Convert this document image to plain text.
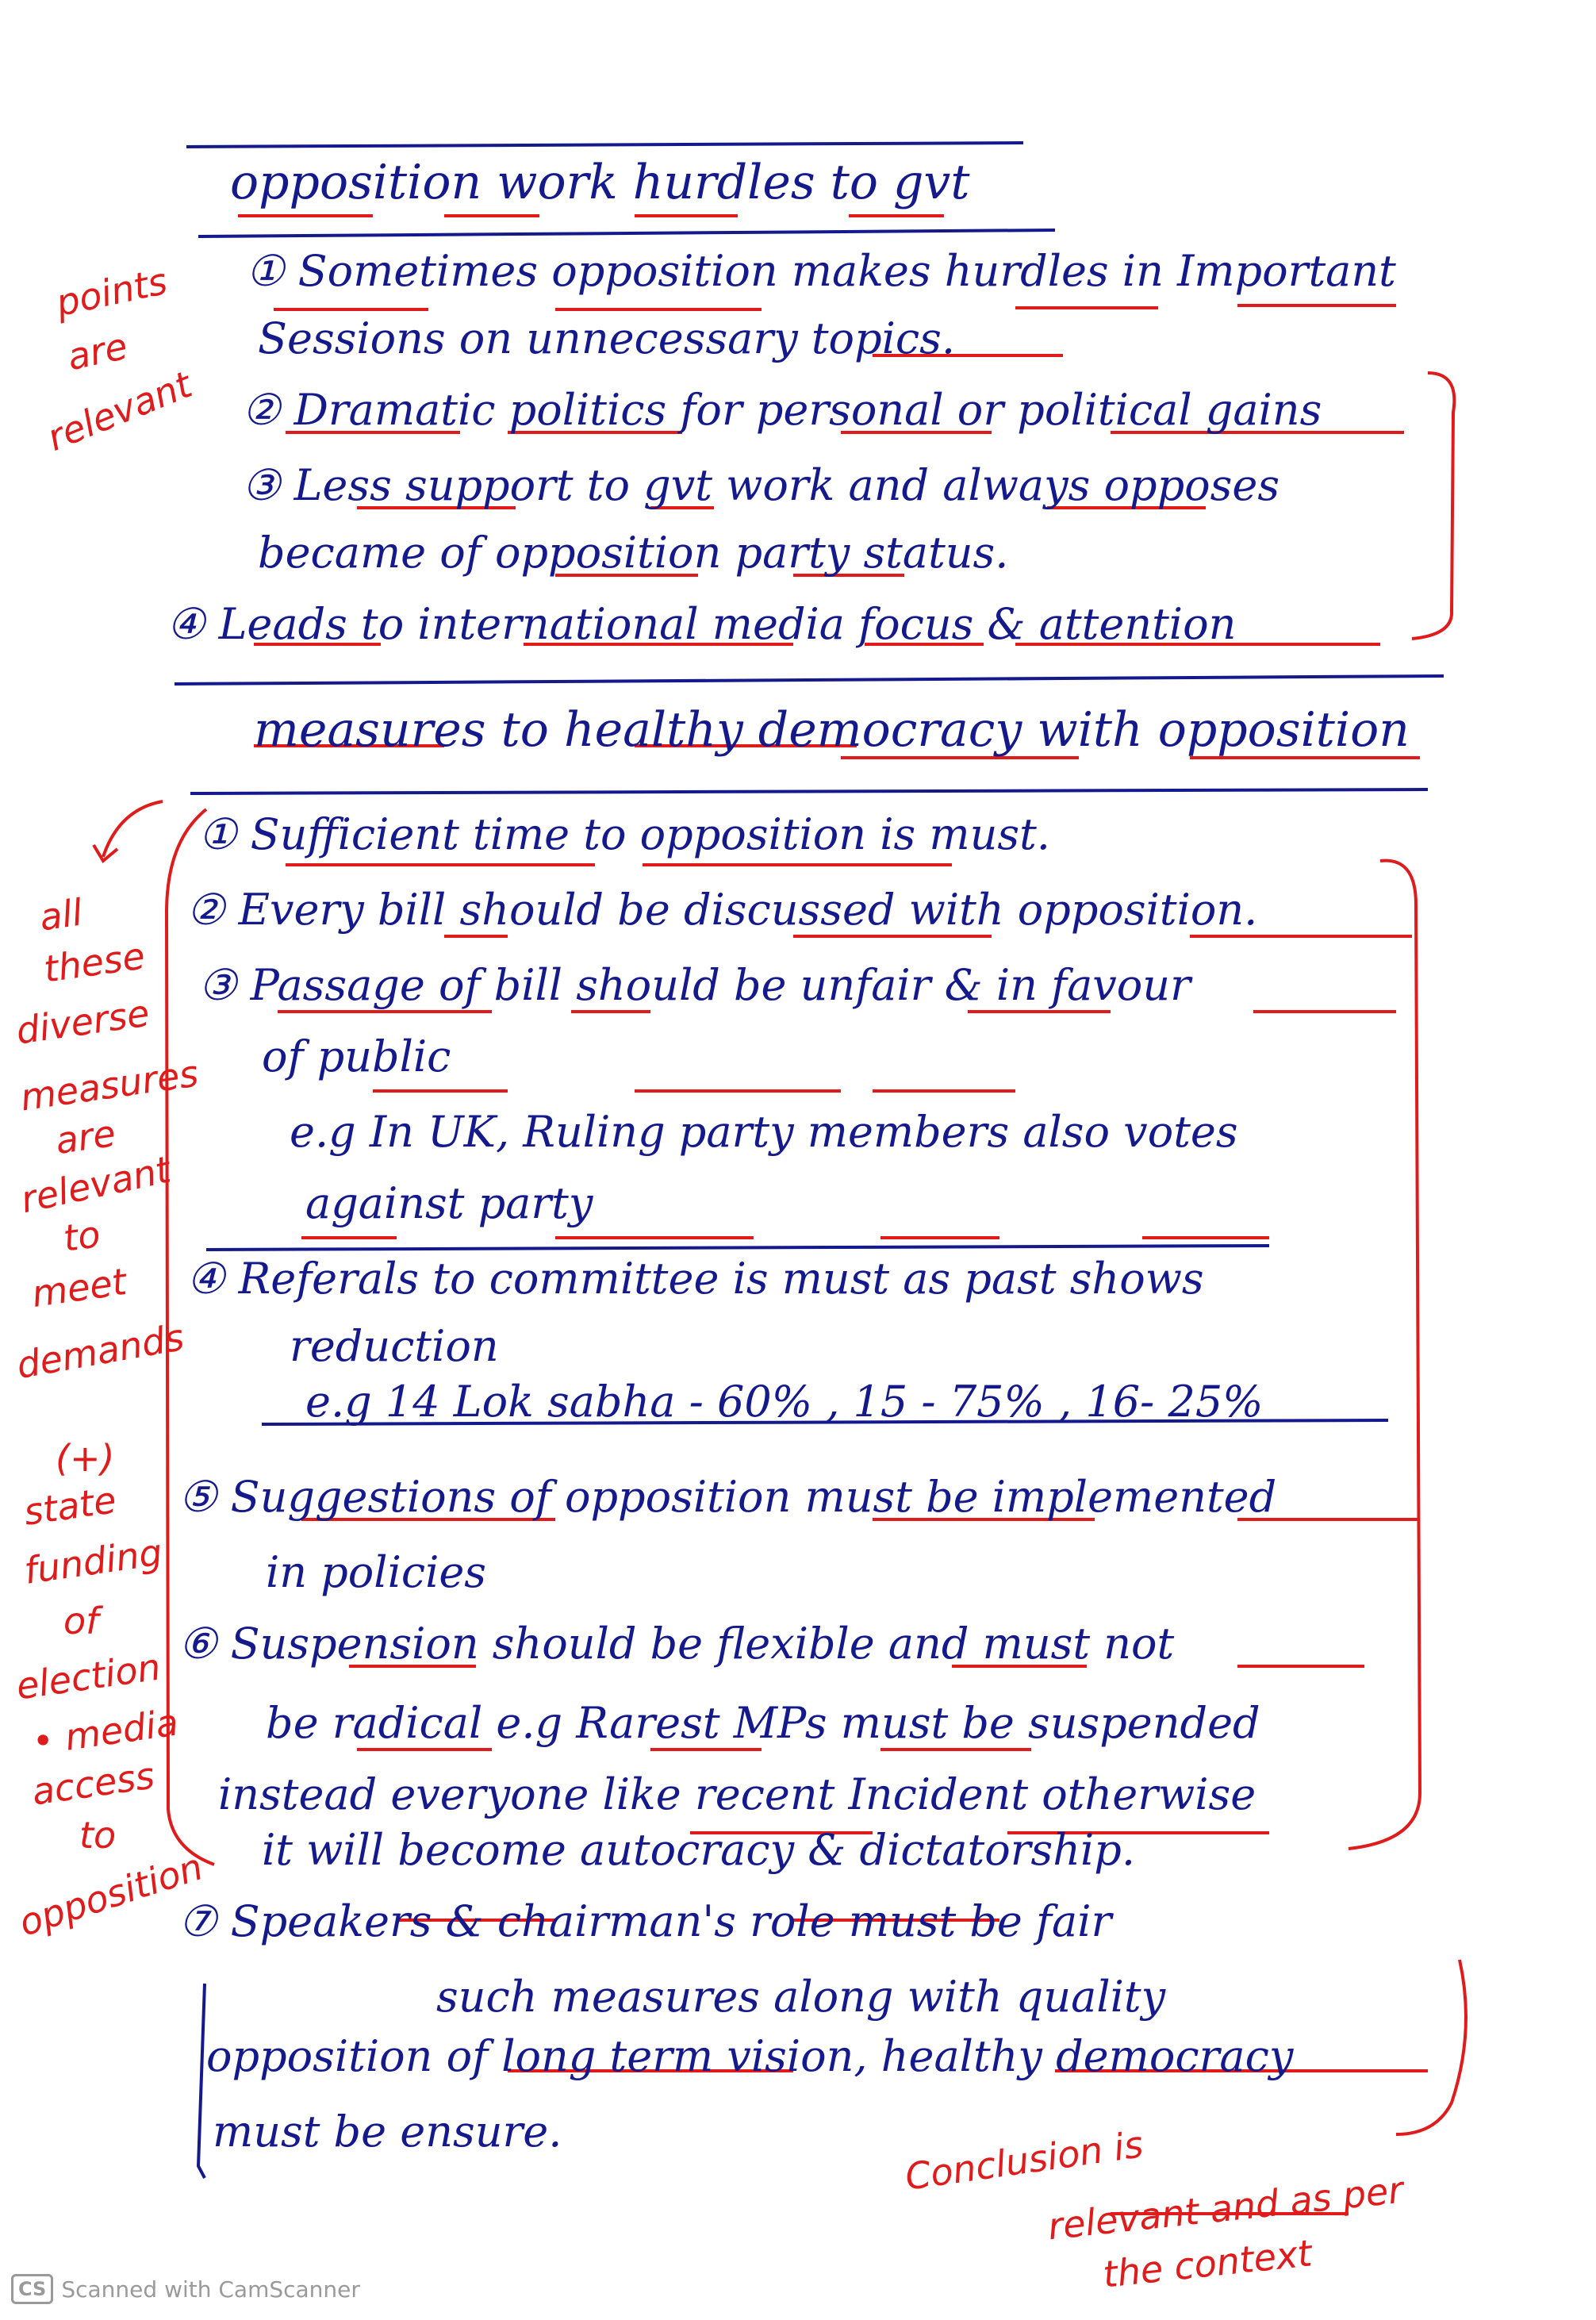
opposition work hurdles to gvt
① Sometimes opposition makes hurdles in Important
Sessions on unnecessary topics.
② Dramatic politics for personal or political gains
③ Less support to gvt work and always opposes
became of opposition party status.
④ Leads to international media focus & attention
measures to healthy democracy with opposition
① Sufficient time to opposition is must.
② Every bill should be discussed with opposition.
③ Passage of bill should be unfair & in favour
of public
e.g In UK, Ruling party members also votes
against party
④ Referals to committee is must as past shows
reduction
e.g 14 Lok sabha - 60% , 15 - 75% , 16- 25%
⑤ Suggestions of opposition must be implemented
in policies
⑥ Suspension should be flexible and must not
be radical e.g Rarest MPs must be suspended
instead everyone like recent Incident otherwise
it will become autocracy & dictatorship.
⑦ Speakers & chairman's role must be fair
such measures along with quality
opposition of long term vision, healthy democracy
must be ensure.
points
are
relevant
all
these
diverse
measures
are
relevant
to
meet
demands
(+)
state
funding
of
election
• media
access
to
opposition
Conclusion is
relevant and as per
the context
CS Scanned with CamScanner
